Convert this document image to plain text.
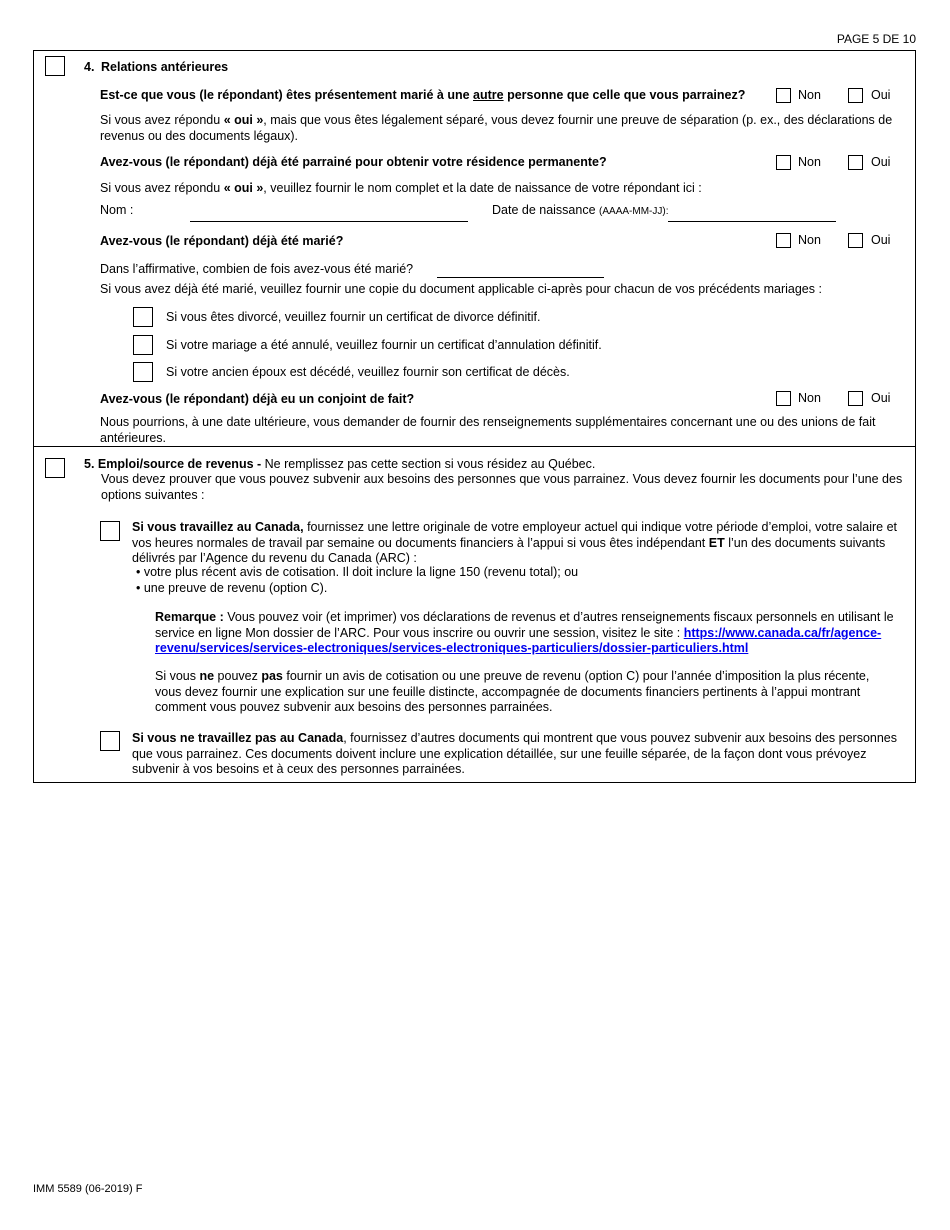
PAGE 5 DE 10
4. Relations antérieures
Est-ce que vous (le répondant) êtes présentement marié à une autre personne que celle que vous parrainez?	Non	Oui
Si vous avez répondu « oui », mais que vous êtes légalement séparé, vous devez fournir une preuve de séparation (p. ex., des déclarations de revenus ou des documents légaux).
Avez-vous (le répondant) déjà été parrainé pour obtenir votre résidence permanente?	Non	Oui
Si vous avez répondu « oui », veuillez fournir le nom complet et la date de naissance de votre répondant ici :
Nom :	Date de naissance (AAAA-MM-JJ):
Avez-vous (le répondant) déjà été marié?	Non	Oui
Dans l’affirmative, combien de fois avez-vous été marié?
Si vous avez déjà été marié, veuillez fournir une copie du document applicable ci-après pour chacun de vos précédents mariages :
Si vous êtes divorcé, veuillez fournir un certificat de divorce définitif.
Si votre mariage a été annulé, veuillez fournir un certificat d’annulation définitif.
Si votre ancien époux est décédé, veuillez fournir son certificat de décès.
Avez-vous (le répondant) déjà eu un conjoint de fait?	Non	Oui
Nous pourrions, à une date ultérieure, vous demander de fournir des renseignements supplémentaires concernant une ou des unions de fait antérieures.
5. Emploi/source de revenus - Ne remplissez pas cette section si vous résidez au Québec.
Vous devez prouver que vous pouvez subvenir aux besoins des personnes que vous parrainez. Vous devez fournir les documents pour l’une des options suivantes :
Si vous travaillez au Canada, fournissez une lettre originale de votre employeur actuel qui indique votre période d’emploi, votre salaire et vos heures normales de travail par semaine ou documents financiers à l’appui si vous êtes indépendant ET l’un des documents suivants délivrés par l’Agence du revenu du Canada (ARC) :
• votre plus récent avis de cotisation. Il doit inclure la ligne 150 (revenu total); ou
• une preuve de revenu (option C).
Remarque : Vous pouvez voir (et imprimer) vos déclarations de revenus et d’autres renseignements fiscaux personnels en utilisant le service en ligne Mon dossier de l’ARC. Pour vous inscrire ou ouvrir une session, visitez le site : https://www.canada.ca/fr/agence-revenu/services/services-electroniques/services-electroniques-particuliers/dossier-particuliers.html
Si vous ne pouvez pas fournir un avis de cotisation ou une preuve de revenu (option C) pour l’année d’imposition la plus récente, vous devez fournir une explication sur une feuille distincte, accompagnée de documents financiers pertinents à l’appui montrant comment vous pouvez subvenir aux besoins des personnes parrainées.
Si vous ne travaillez pas au Canada, fournissez d’autres documents qui montrent que vous pouvez subvenir aux besoins des personnes que vous parrainez. Ces documents doivent inclure une explication détaillée, sur une feuille séparée, de la façon dont vous prévoyez subvenir à vos besoins et à ceux des personnes parrainées.
IMM 5589 (06-2019) F
